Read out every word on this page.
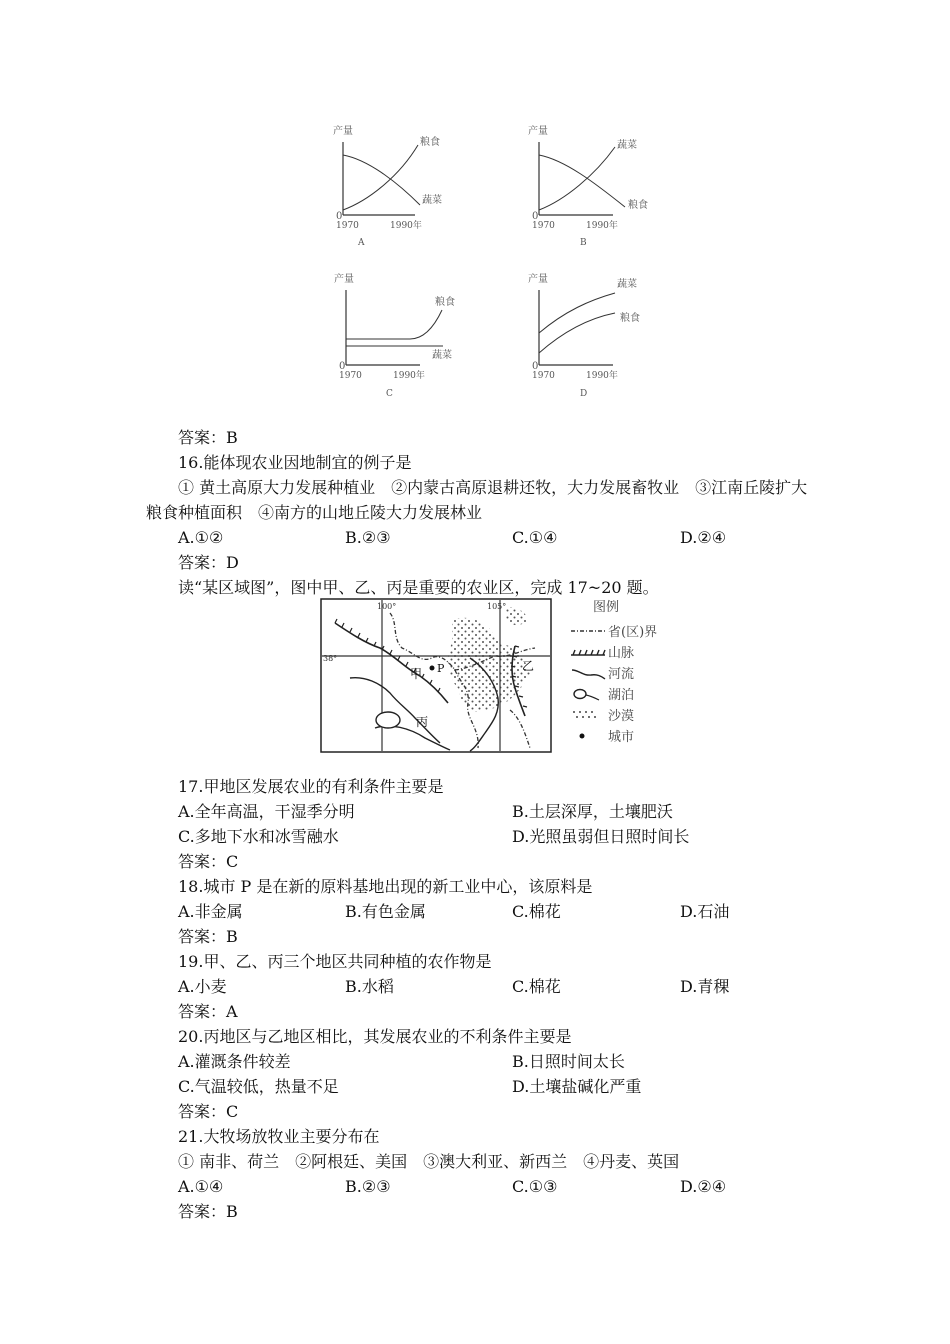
产量
0
1970	1990年
粮食
蔬菜
A
产量
0
1970	1990年
蔬菜
粮食
B
产量
0
1970	1990年
粮食
蔬菜
C
产量
0
1970	1990年
蔬菜
粮食
D
答案：B
16.能体现农业因地制宜的例子是
① 黄土高原大力发展种植业　②内蒙古高原退耕还牧，大力发展畜牧业　③江南丘陵扩大粮食种植面积　④南方的山地丘陵大力发展林业
A.①②	B.②③	C.①④	D.②④
答案：D
读“某区域图”，图中甲、乙、丙是重要的农业区，完成 17~20 题。
100°	105°
38°
P
甲
乙
丙
图例
省(区)界
山脉
河流
湖泊
沙漠
城市
17.甲地区发展农业的有利条件主要是
A.全年高温，干湿季分明	B.土层深厚，土壤肥沃
C.多地下水和冰雪融水	D.光照虽弱但日照时间长
答案：C
18.城市 P 是在新的原料基地出现的新工业中心，该原料是
A.非金属	B.有色金属	C.棉花	D.石油
答案：B
19.甲、乙、丙三个地区共同种植的农作物是
A.小麦	B.水稻	C.棉花	D.青稞
答案：A
20.丙地区与乙地区相比，其发展农业的不利条件主要是
A.灌溉条件较差	B.日照时间太长
C.气温较低，热量不足	D.土壤盐碱化严重
答案：C
21.大牧场放牧业主要分布在
① 南非、荷兰　②阿根廷、美国　③澳大利亚、新西兰　④丹麦、英国
A.①④	B.②③	C.①③	D.②④
答案：B
